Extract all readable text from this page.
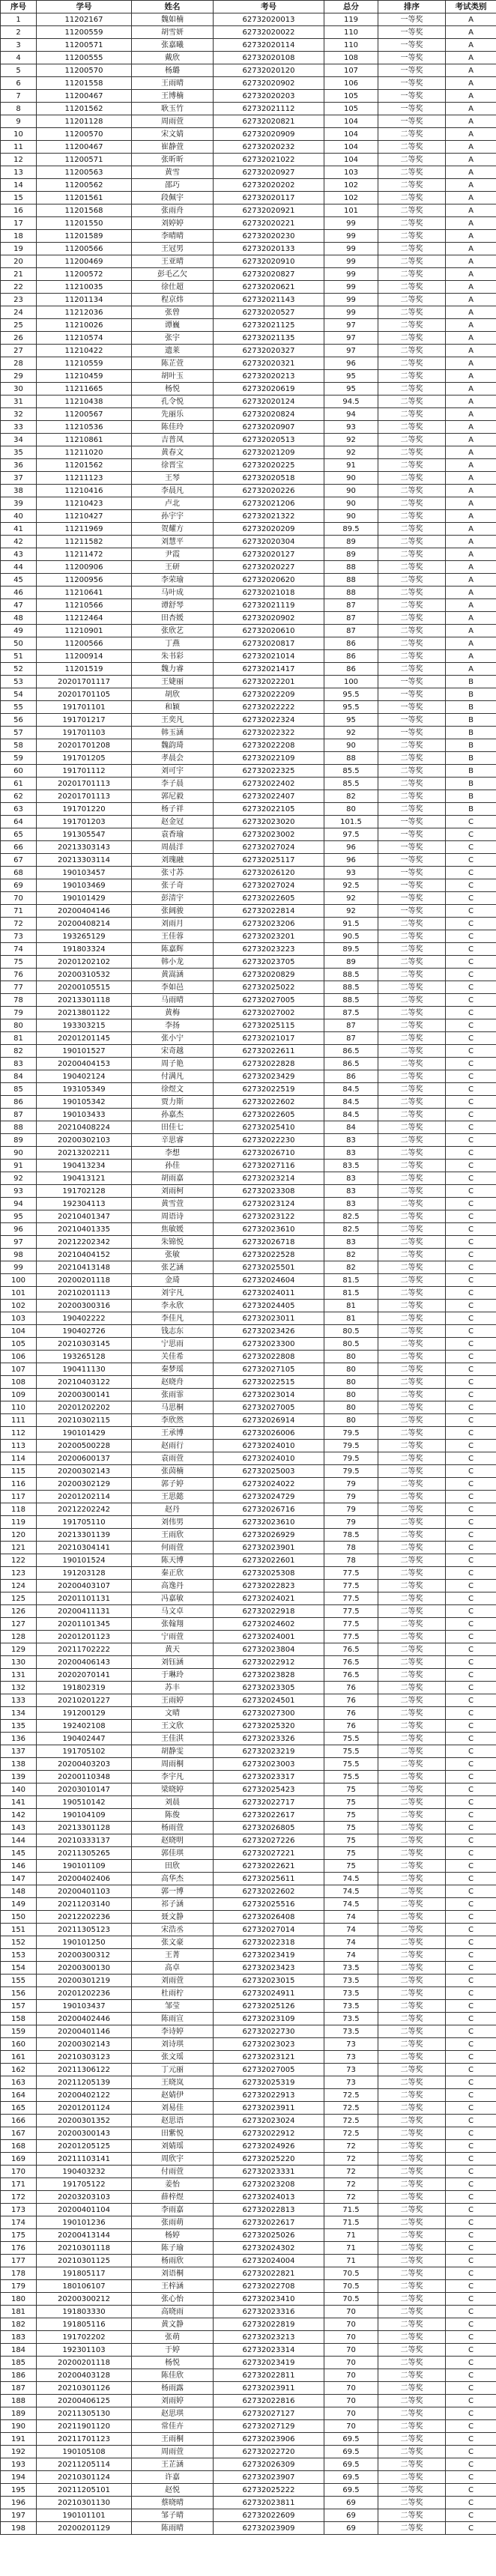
序号	学号	姓名	考号	总分	排序	考试类别
1	11202167	魏如楠	62732020013	119	一等奖	A
2	11200559	胡雪妍	62732020022	110	一等奖	A
3	11200571	张嘉曦	62732020114	110	一等奖	A
4	11200555	戴欣	62732020108	108	一等奖	A
5	11200570	杨璐	62732020120	107	一等奖	A
6	11201558	王雨晴	62732020902	106	一等奖	A
7	11200467	王博楠	62732020203	105	一等奖	A
8	11201562	耿玉竹	62732021112	105	一等奖	A
9	11201128	周雨萱	62732020821	104	一等奖	A
10	11200570	宋文婧	62732020909	104	二等奖	A
11	11200467	崔静萱	62732020232	104	二等奖	A
12	11200571	张昕昕	62732021022	104	二等奖	A
13	11200563	黄雪	62732020927	103	二等奖	A
14	11200562	邵巧	62732020202	102	二等奖	A
15	11201561	段佩宇	62732020117	102	二等奖	A
16	11201568	张雨舟	62732020921	101	二等奖	A
17	11201550	刘婷婷	62732020221	99	二等奖	A
18	11201589	李晴晴	62732020230	99	二等奖	A
19	11200566	王冠男	62732020133	99	二等奖	A
20	11200469	王亚晴	62732020910	99	二等奖	A
21	11200572	彭毛乙欠	62732020827	99	二等奖	A
22	11210035	徐仕超	62732020621	99	二等奖	A
23	11201134	程京炜	62732021143	99	二等奖	A
24	11212036	张曾	62732020527	99	二等奖	A
25	11210026	谭巍	62732021125	97	二等奖	A
26	11210574	张宇	62732021135	97	二等奖	A
27	11210422	遗莱	62732020327	97	二等奖	A
28	11210559	陈芷萱	62732020321	96	二等奖	A
29	11210459	胡叶玉	62732020213	95	二等奖	A
30	11211665	杨悦	62732020619	95	二等奖	A
31	11210438	孔令悦	62732020124	94.5	二等奖	A
32	11200567	先丽乐	62732020824	94	二等奖	A
33	11210536	陈佳玲	62732020907	93	二等奖	A
34	11210861	吉普凤	62732020513	92	二等奖	A
35	11211020	黄春文	62732021209	92	二等奖	A
36	11201562	徐晋宝	62732020225	91	二等奖	A
37	11211123	王琴	62732020518	90	二等奖	A
38	11210416	李晨凡	62732020226	90	二等奖	A
39	11210423	卢北	62732021206	90	二等奖	A
40	11210427	孙宇宇	62732021322	90	二等奖	A
41	11211969	贺耀方	62732020209	89.5	二等奖	A
42	11211582	刘慧平	62732020304	89	二等奖	A
43	11211472	尹霞	62732020127	89	二等奖	A
44	11200906	王研	62732020227	88	二等奖	A
45	11200956	李荣瑜	62732020620	88	二等奖	A
46	11210641	马叶成	62732021018	88	二等奖	A
47	11210566	谭舒琴	62732021119	87	二等奖	A
48	11212464	田杏媛	62732020902	87	二等奖	A
49	11210901	张欣艺	62732020610	87	二等奖	A
50	11200566	丁燕	62732020817	86	二等奖	A
51	11200914	朱书彩	62732021014	86	二等奖	A
52	11201519	魏力睿	62732021417	86	二等奖	A
53	20201701117	王婕丽	62732022201	100	一等奖	B
54	20201701105	胡欣	62732022209	95.5	一等奖	B
55	191701101	和颖	62732022222	95.5	一等奖	B
56	191701217	王奕凡	62732022324	95	一等奖	B
57	191701103	韩玉涵	62732022322	92	一等奖	B
58	20201701208	魏韵琦	62732022208	90	二等奖	B
59	191701205	孝晨会	62732022109	88	二等奖	B
60	191701112	刘可宇	62732022325	85.5	二等奖	B
61	20201701113	李子晨	62732022402	85.5	二等奖	B
62	20201701113	郭尼毅	62732022407	82	二等奖	B
63	191701220	杨子祥	62732022105	80	二等奖	B
64	191701203	赵金冠	62732023020	101.5	一等奖	C
65	191305547	袁香瑜	62732023002	97.5	一等奖	C
66	20213303143	周晨洋	62732027024	96	一等奖	C
67	20213303114	刘瑰融	62732025117	96	一等奖	C
68	190103457	张寸苏	62732026120	93	一等奖	C
69	190103469	张子奇	62732027024	92.5	一等奖	C
70	190101429	彭清宇	62732022605	92	一等奖	C
71	20200404146	张阔骏	62732022814	92	一等奖	C
72	20200408214	刘雨月	62732023206	91.5	二等奖	C
73	193265129	王佳蓉	62732023201	90.5	二等奖	C
74	191803324	陈嘉辉	62732023223	89.5	二等奖	C
75	20201202102	韩小龙	62732023705	89	二等奖	C
76	20200310532	黄嵩涵	62732020829	88.5	二等奖	C
77	20200105515	李如邑	62732025022	88.5	二等奖	C
78	20213301118	马雨晴	62732027005	88.5	二等奖	C
79	20213801122	黄梅	62732027002	87.5	二等奖	C
80	193303215	李扬	62732025115	87	二等奖	C
81	20201201145	张小宁	62732021017	87	二等奖	C
82	190101527	宋奇越	62732022611	86.5	二等奖	C
83	20200404153	周子艳	62732022828	86.5	二等奖	C
84	190402124	付满凡	62732023429	86	二等奖	C
85	193105349	徐煜文	62732022519	84.5	二等奖	C
86	190105342	贾力斯	62732022602	84.5	二等奖	C
87	190103433	孙嘉杰	62732022605	84.5	二等奖	C
88	20210408224	田佳七	62732025410	84	二等奖	C
89	20200302103	辛思睿	62732022230	83	二等奖	C
90	20213202211	李想	62732026710	83	二等奖	C
91	190413234	孙佳	62732027116	83.5	二等奖	C
92	190413121	胡雨嘉	62732023214	83	二等奖	C
93	191702128	刘雨柯	62732023308	83	二等奖	C
94	192304113	黄雪萱	62732023124	83	二等奖	C
95	20210401347	周语诗	62732023122	82.5	二等奖	C
96	20210401335	焦敏媛	62732023610	82.5	二等奖	C
97	20212202342	朱锦悦	62732026718	83	二等奖	C
98	20210404152	张敏	62732022528	82	二等奖	C
99	20210413148	张艺涵	62732025501	82	二等奖	C
100	20200201118	金琦	62732024604	81.5	二等奖	C
101	20210201113	刘宇凡	62732024011	81.5	二等奖	C
102	20200300316	李永欣	62732024405	81	二等奖	C
103	190402222	李佳凡	62732023011	81	二等奖	C
104	190402726	钱志东	62732023426	80.5	二等奖	C
105	20210303145	宁思雨	62732023300	80.5	二等奖	C
106	193265128	关佳希	62732022808	80	二等奖	C
107	190411130	秦梦瑶	62732027105	80	二等奖	C
108	20210403122	赵晓舟	62732022515	80	二等奖	C
109	20200300141	张雨霏	62732023014	80	二等奖	C
110	20201202202	马思桐	62732027005	80	二等奖	C
111	20210302115	李欣然	62732026914	80	二等奖	C
112	190101429	王承博	62732026006	79.5	二等奖	C
113	20200500228	赵雨行	62732024010	79.5	二等奖	C
114	20200600137	袁雨萱	62732024010	79.5	二等奖	C
115	20200302143	张茵楠	62732025003	79.5	二等奖	C
116	20200302129	郭子婷	62732024022	79	二等奖	C
117	20201202114	王思懿	62732024729	79	二等奖	C
118	20212202242	赵丹	62732026716	79	二等奖	C
119	191705110	刘伟男	62732023610	79	二等奖	C
120	20213301139	王雨欣	62732026929	78.5	二等奖	C
121	20210304141	何雨萱	62732023901	78	二等奖	C
122	190101524	陈天博	62732022601	78	二等奖	C
123	191203128	秦正欣	62732025308	77.5	二等奖	C
124	20200403107	高逸丹	62732022823	77.5	二等奖	C
125	20201101131	冯嘉敏	62732024021	77.5	二等奖	C
126	20200411131	马文卓	62732022918	77.5	二等奖	C
127	20201101345	张翰翔	62732024602	77.5	二等奖	C
128	20201201123	宁雨萱	62732024001	77.5	二等奖	C
129	20211702222	黄天	62732023804	76.5	二等奖	C
130	20200406143	刘钰涵	62732022912	76.5	二等奖	C
131	20202070141	于琳玲	62732023828	76.5	二等奖	C
132	191802319	苏丰	62732023305	76	二等奖	C
133	20210201227	王雨婷	62732024501	76	二等奖	C
134	191200129	文晴	62732027300	76	二等奖	C
135	192402108	王文欣	62732025320	76	二等奖	C
136	190402447	王佳淇	62732023326	75.5	二等奖	C
137	191705102	胡静雯	62732023219	75.5	二等奖	C
138	20200403203	周雨桐	62732023003	75.5	二等奖	C
139	20200110348	李宇凡	62732023317	75.5	二等奖	C
140	20203010147	梁晓婷	62732025423	75	二等奖	C
141	190510142	刘晨	62732022717	75	二等奖	C
142	190104109	陈俊	62732022617	75	二等奖	C
143	20213301128	杨雨萱	62732026805	75	二等奖	C
144	20210333137	赵晓明	62732027226	75	二等奖	C
145	20211305265	郭佳琪	62732027221	75	二等奖	C
146	190101109	田欣	62732022621	75	二等奖	C
147	20200402406	高华杰	62732025611	74.5	二等奖	C
148	20200401103	郭一博	62732022602	74.5	二等奖	C
149	20211203140	祁子涵	62732025516	74.5	二等奖	C
150	20212202236	聂文静	62732026408	74	二等奖	C
151	20211305123	宋浩丞	62732027014	74	二等奖	C
152	190101250	张文豪	62732022318	74	二等奖	C
153	20200300312	王菁	62732023419	74	二等奖	C
154	20200300130	高卓	62732023423	73.5	二等奖	C
155	20200301219	刘雨萱	62732023015	73.5	二等奖	C
156	20201202236	杜雨柠	62732024911	73.5	二等奖	C
157	190103437	邹莹	62732025126	73.5	二等奖	C
158	20200402446	陈雨宣	62732023109	73.5	二等奖	C
159	20200401146	李诗婷	62732022730	73.5	二等奖	C
160	20200302143	刘诗琪	62732023023	73	二等奖	C
161	20210303123	张文瑶	62732023121	73	二等奖	C
162	20211306122	丁元丽	62732027005	73	二等奖	C
163	20211205139	王晓岚	62732025319	73	二等奖	C
164	20200402122	赵婧伊	62732022913	72.5	二等奖	C
165	20201201124	刘易佳	62732023911	72.5	二等奖	C
166	20200301352	赵思语	62732023024	72.5	二等奖	C
167	20200300143	田紫悦	62732022912	72.5	二等奖	C
168	20201205125	刘婧瑶	62732024926	72	二等奖	C
169	20211103141	周欣宇	62732025220	72	二等奖	C
170	190403232	付雨萱	62732023331	72	二等奖	C
171	191705122	姜怡	62732023208	72	二等奖	C
172	20203203103	薛梓煜	62732024013	72	二等奖	C
173	20200401104	李雨嘉	62732022813	71.5	二等奖	C
174	190101236	张雨萌	62732022617	71.5	二等奖	C
175	20200413144	杨婷	62732025026	71	二等奖	C
176	20210301118	陈子瑜	62732024302	71	二等奖	C
177	20210301125	杨雨欣	62732024004	71	二等奖	C
178	191805117	刘语桐	62732022821	70.5	二等奖	C
179	180106107	王梓涵	62732022708	70.5	二等奖	C
180	20200300212	张心怡	62732023410	70.5	二等奖	C
181	191803330	高晓雨	62732023316	70	二等奖	C
182	191805116	黄文静	62732022819	70	二等奖	C
183	191702202	张萌	62732023213	70	二等奖	C
184	192301103	于婷	62732023314	70	二等奖	C
185	20200201118	杨悦	62732023419	70	二等奖	C
186	20200403128	陈佳欣	62732022811	70	二等奖	C
187	20210301126	杨雨露	62732023911	70	二等奖	C
188	20200406125	刘雨婷	62732022816	70	二等奖	C
189	20211305130	赵思琪	62732027127	70	二等奖	C
190	20211901120	常佳卉	62732027129	70	二等奖	C
191	20211701123	王雨桐	62732023906	69.5	二等奖	C
192	190105108	周雨萱	62732022720	69.5	二等奖	C
193	20211205114	王芷涵	62732026309	69.5	二等奖	C
194	20210301124	许嘉	62732023907	69.5	二等奖	C
195	20211205101	赵悦	62732025222	69.5	二等奖	C
196	20210301130	蔡晓晴	62732023811	69	二等奖	C
197	190101101	邹子晴	62732022609	69	二等奖	C
198	20200201129	陈雨晴	62732023909	69	二等奖	C
